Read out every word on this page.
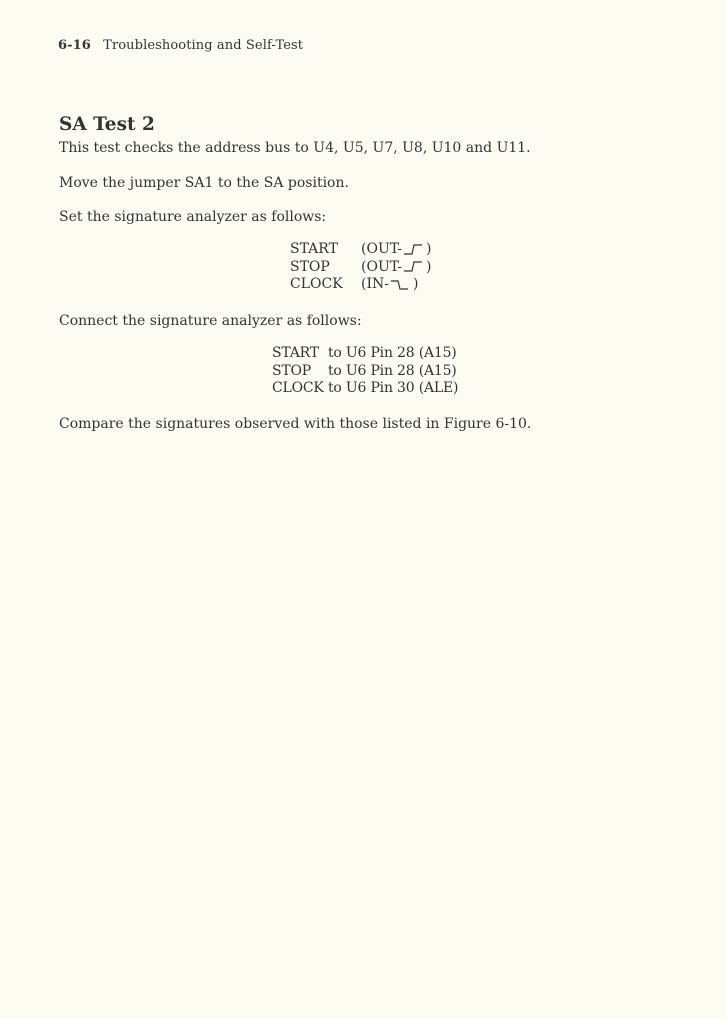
6-16 Troubleshooting and Self-Test
SA Test 2

This test checks the address bus to U4, U5, U7, U8, U10 and U11.

Move the jumper SA1 to the SA position.

Set the signature analyzer as follows:

START	(OUT- )
STOP	(OUT- )
CLOCK	(IN- )

Connect the signature analyzer as follows:

START to U6 Pin 28 (A15)
STOP	to U6 Pin 28 (A15)
CLOCK to U6 Pin 30 (ALE)

Compare the signatures observed with those listed in Figure 6-10.
